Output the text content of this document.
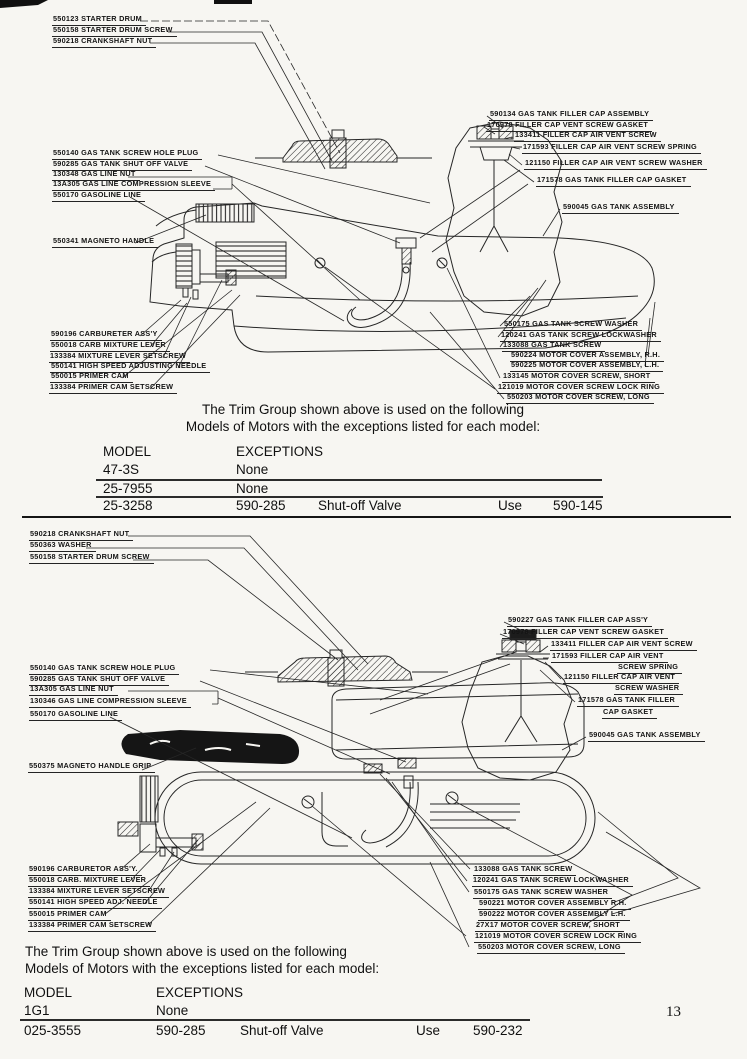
550123 STARTER DRUM
550158 STARTER DRUM SCREW
590218 CRANKSHAFT NUT
550140 GAS TANK SCREW HOLE PLUG
590285 GAS TANK SHUT OFF VALVE
130348 GAS LINE NUT
13A305 GAS LINE COMPRESSION SLEEVE
550170 GASOLINE LINE
550341 MAGNETO HANDLE
590196 CARBURETER ASS'Y
550018 CARB MIXTURE LEVER
133384 MIXTURE LEVER SETSCREW
550141 HIGH SPEED ADJUSTING NEEDLE
550015 PRIMER CAM
133384 PRIMER CAM SETSCREW
590134 GAS TANK FILLER CAP ASSEMBLY
170978 FILLER CAP VENT SCREW GASKET
133411 FILLER CAP AIR VENT SCREW
171593 FILLER CAP AIR VENT SCREW SPRING
121150 FILLER CAP AIR VENT SCREW WASHER
171578 GAS TANK FILLER CAP GASKET
590045 GAS TANK ASSEMBLY
550175 GAS TANK SCREW WASHER
120241 GAS TANK SCREW LOCKWASHER
133088 GAS TANK SCREW
590224 MOTOR COVER ASSEMBLY, R.H.
590225 MOTOR COVER ASSEMBLY, L.H.
133145 MOTOR COVER SCREW, SHORT
121019 MOTOR COVER SCREW LOCK RING
550203 MOTOR COVER SCREW, LONG
The Trim Group shown above is used on the following
Models of Motors with the exceptions listed for each model:
MODEL	EXCEPTIONS
47-3S	None
25-7955	None
25-3258	590-285 Shut-off Valve	Use 590-145
590218 CRANKSHAFT NUT
550363 WASHER
550158 STARTER DRUM SCREW
550140 GAS TANK SCREW HOLE PLUG
590285 GAS TANK SHUT OFF VALVE
13A305 GAS LINE NUT
130346 GAS LINE COMPRESSION SLEEVE
550170 GASOLINE LINE
550375 MAGNETO HANDLE GRIP
590196 CARBURETOR ASS'Y.
550018 CARB. MIXTURE LEVER
133384 MIXTURE LEVER SETSCREW
550141 HIGH SPEED ADJ. NEEDLE
550015 PRIMER CAM
133384 PRIMER CAM SETSCREW
590227 GAS TANK FILLER CAP ASS'Y
170978 FILLER CAP VENT SCREW GASKET
133411 FILLER CAP AIR VENT SCREW
171593 FILLER CAP AIR VENT
SCREW SPRING
121150 FILLER CAP AIR VENT
SCREW WASHER
171578 GAS TANK FILLER
CAP GASKET
590045 GAS TANK ASSEMBLY
133088 GAS TANK SCREW
120241 GAS TANK SCREW LOCKWASHER
550175 GAS TANK SCREW WASHER
590221 MOTOR COVER ASSEMBLY R.H.
590222 MOTOR COVER ASSEMBLY L.H.
27X17 MOTOR COVER SCREW, SHORT
121019 MOTOR COVER SCREW LOCK RING
550203 MOTOR COVER SCREW, LONG
The Trim Group shown above is used on the following
Models of Motors with the exceptions listed for each model:
MODEL	EXCEPTIONS
1G1	None
025-3555	590-285	Shut-off Valve	Use 590-232
13
